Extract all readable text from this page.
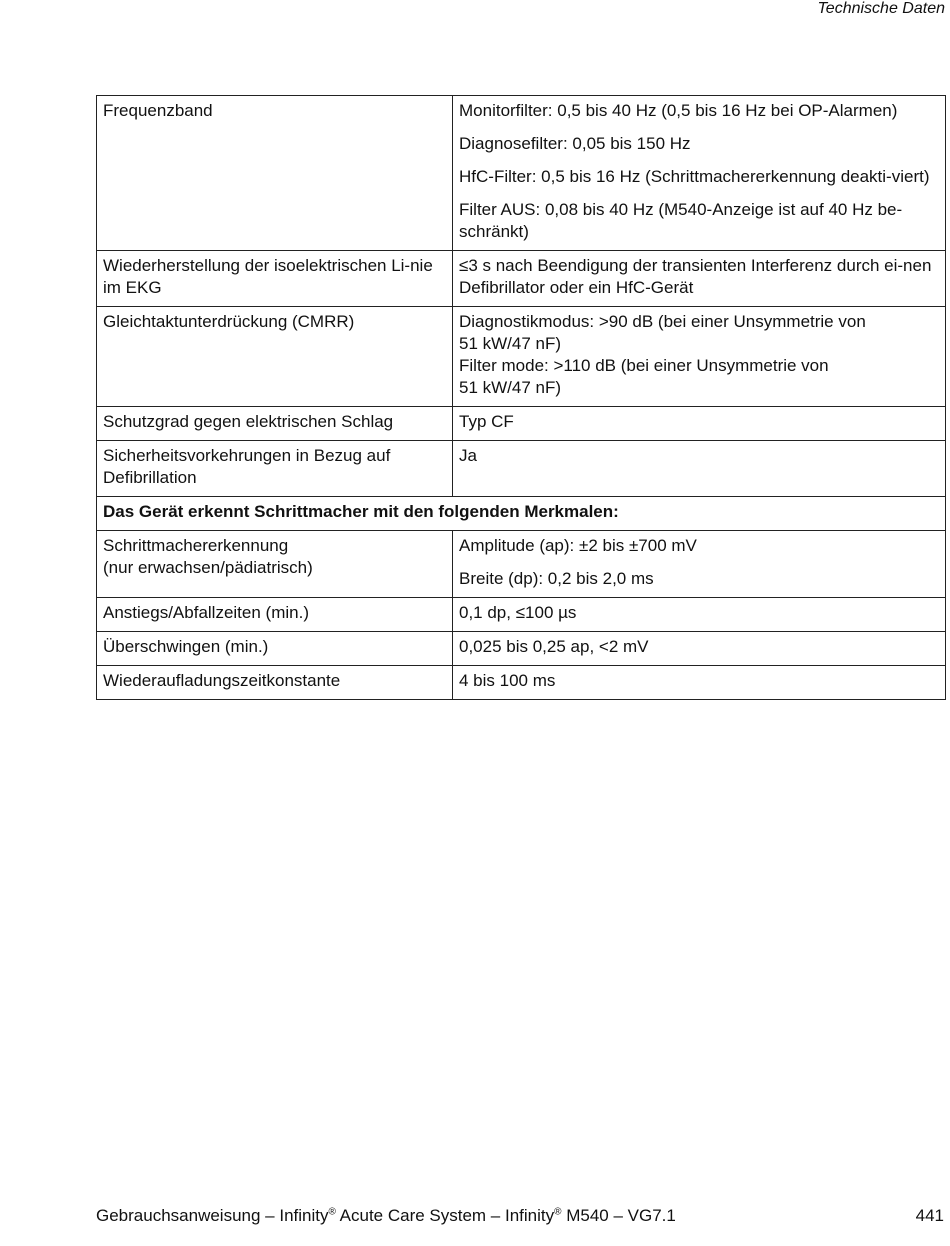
Technische Daten
Frequenzband	Monitorfilter: 0,5 bis 40 Hz (0,5 bis 16 Hz bei OP-Alarmen)
Diagnosefilter: 0,05 bis 150 Hz
HfC-Filter: 0,5 bis 16 Hz (Schrittmachererkennung deakti-viert)
Filter AUS: 0,08 bis 40 Hz (M540-Anzeige ist auf 40 Hz be-schränkt)

Wiederherstellung der isoelektrischen Li-nie im EKG	≤3 s nach Beendigung der transienten Interferenz durch ei-nen Defibrillator oder ein HfC-Gerät

Gleichtaktunterdrückung (CMRR)	Diagnostikmodus: >90 dB (bei einer Unsymmetrie von
51 kW/47 nF)
Filter mode: >110 dB (bei einer Unsymmetrie von
51 kW/47 nF)

Schutzgrad gegen elektrischen Schlag	Typ CF

Sicherheitsvorkehrungen in Bezug auf Defibrillation	Ja

Das Gerät erkennt Schrittmacher mit den folgenden Merkmalen:	

Schrittmachererkennung
(nur erwachsen/pädiatrisch)	Amplitude (ap): ±2 bis ±700 mV
Breite (dp): 0,2 bis 2,0 ms

Anstiegs/Abfallzeiten (min.)	0,1 dp, ≤100 µs

Überschwingen (min.)	0,025 bis 0,25 ap, <2 mV

Wiederaufladungszeitkonstante	4 bis 100 ms
Gebrauchsanweisung – Infinity® Acute Care System – Infinity® M540 – VG7.1	441
